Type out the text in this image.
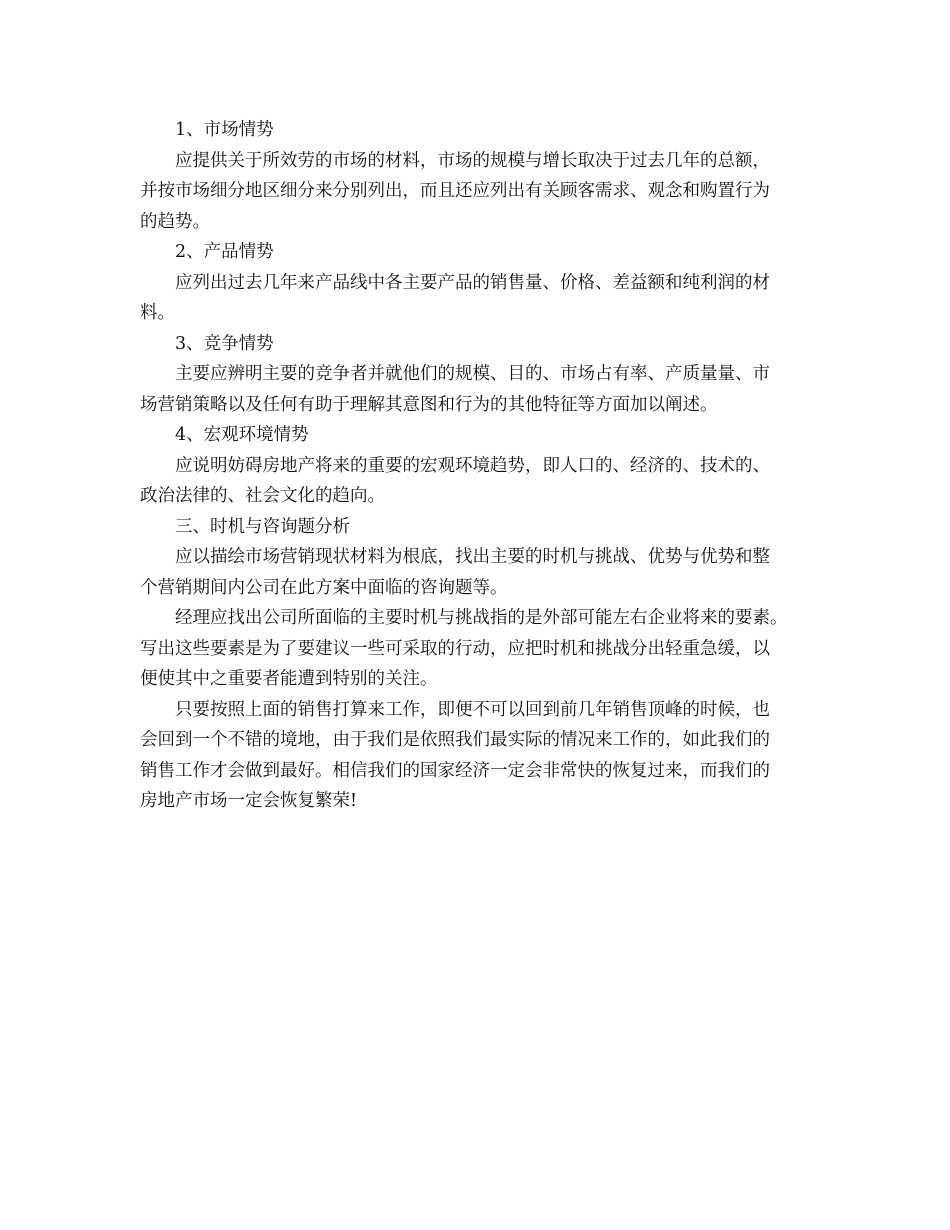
1、市场情势
应提供关于所效劳的市场的材料，市场的规模与增长取决于过去几年的总额，
并按市场细分地区细分来分别列出，而且还应列出有关顾客需求、观念和购置行为
的趋势。
2、产品情势
应列出过去几年来产品线中各主要产品的销售量、价格、差益额和纯利润的材
料。
3、竞争情势
主要应辨明主要的竞争者并就他们的规模、目的、市场占有率、产质量量、市
场营销策略以及任何有助于理解其意图和行为的其他特征等方面加以阐述。
4、宏观环境情势
应说明妨碍房地产将来的重要的宏观环境趋势，即人口的、经济的、技术的、
政治法律的、社会文化的趋向。
三、时机与咨询题分析
应以描绘市场营销现状材料为根底，找出主要的时机与挑战、优势与优势和整
个营销期间内公司在此方案中面临的咨询题等。
经理应找出公司所面临的主要时机与挑战指的是外部可能左右企业将来的要素。
写出这些要素是为了要建议一些可采取的行动，应把时机和挑战分出轻重急缓，以
便使其中之重要者能遭到特别的关注。
只要按照上面的销售打算来工作，即便不可以回到前几年销售顶峰的时候，也
会回到一个不错的境地，由于我们是依照我们最实际的情况来工作的，如此我们的
销售工作才会做到最好。相信我们的国家经济一定会非常快的恢复过来，而我们的
房地产市场一定会恢复繁荣!
